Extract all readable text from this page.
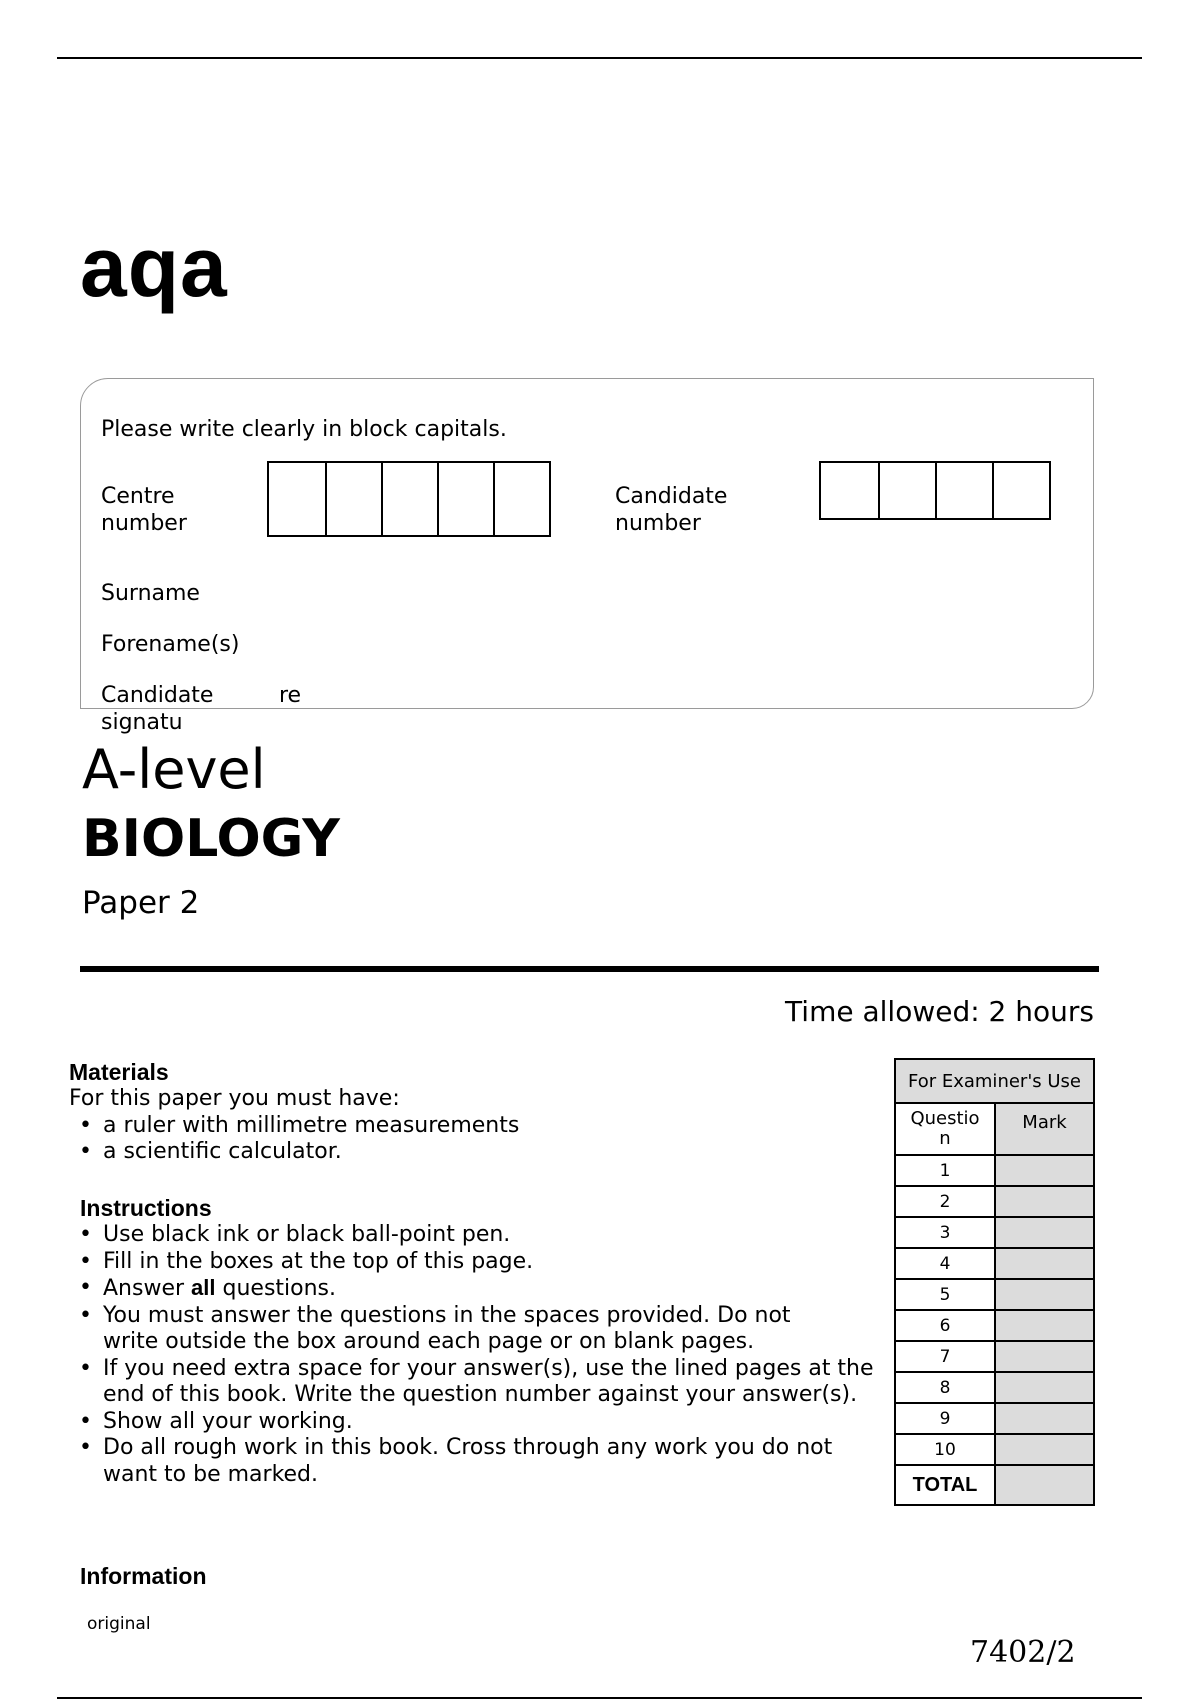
aqa
Please write clearly in block capitals.
Centre
number
Candidate
number
Surname
Forename(s)
Candidate	re
signatu
A-level
BIOLOGY
Paper 2
Time allowed: 2 hours
Materials
For this paper you must have:
• a ruler with millimetre measurements
• a scientific calculator.
Instructions
• Use black ink or black ball-point pen.
• Fill in the boxes at the top of this page.
• Answer all questions.
• You must answer the questions in the spaces provided. Do not write outside the box around each page or on blank pages.
• If you need extra space for your answer(s), use the lined pages at the end of this book. Write the question number against your answer(s).
• Show all your working.
• Do all rough work in this book. Cross through any work you do not want to be marked.
Information
original
For Examiner's Use	

Questio
n	Mark
1	
2	
3	
4	
5	
6	
7	
8	
9	
10	
TOTAL	
7402/2
